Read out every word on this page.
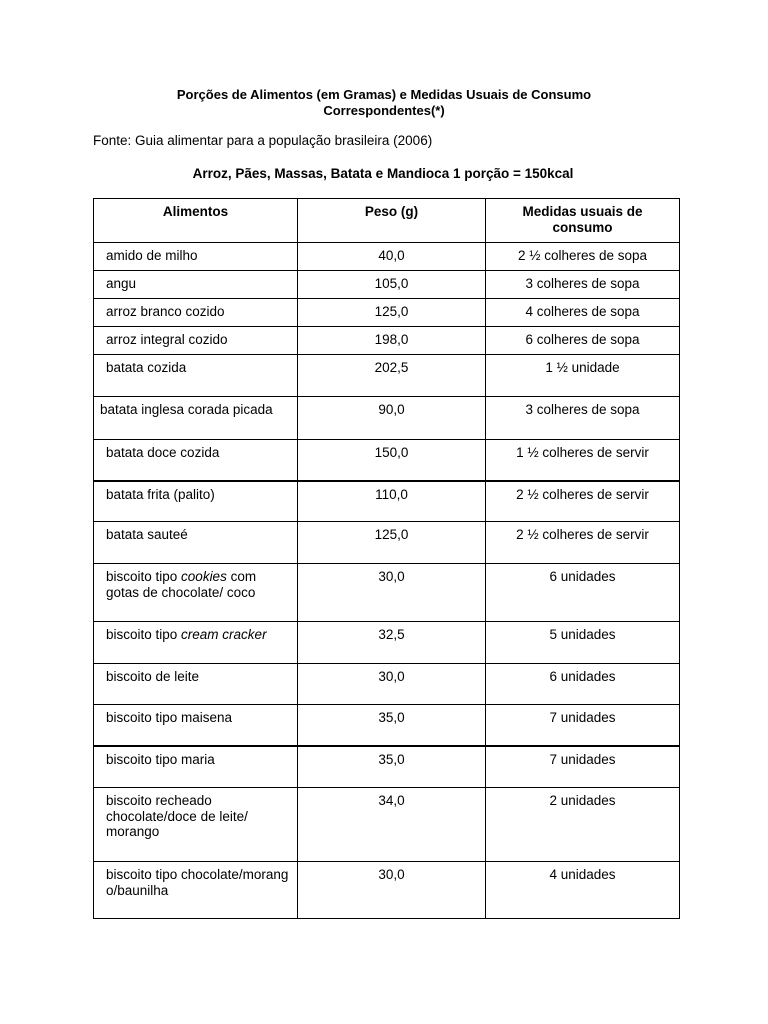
Porções de Alimentos (em Gramas) e Medidas Usuais de Consumo
Correspondentes(*)
Fonte: Guia alimentar para a população brasileira (2006)
Arroz, Pães, Massas, Batata e Mandioca 1 porção = 150kcal
Alimentos	Peso (g)	Medidas usuais de consumo
amido de milho	40,0	2 ½ colheres de sopa
angu	105,0	3 colheres de sopa
arroz branco cozido	125,0	4 colheres de sopa
arroz integral cozido	198,0	6 colheres de sopa
batata cozida	202,5	1 ½ unidade
batata inglesa corada picada	90,0	3 colheres de sopa
batata doce cozida	150,0	1 ½ colheres de servir
batata frita (palito)	110,0	2 ½ colheres de servir
batata sauteé	125,0	2 ½ colheres de servir
biscoito tipo cookies com gotas de chocolate/ coco	30,0	6 unidades
biscoito tipo cream cracker	32,5	5 unidades
biscoito de leite	30,0	6 unidades
biscoito tipo maisena	35,0	7 unidades
biscoito tipo maria	35,0	7 unidades
biscoito recheado chocolate/doce de leite/ morango	34,0	2 unidades
biscoito tipo chocolate/morango/baunilha	30,0	4 unidades
